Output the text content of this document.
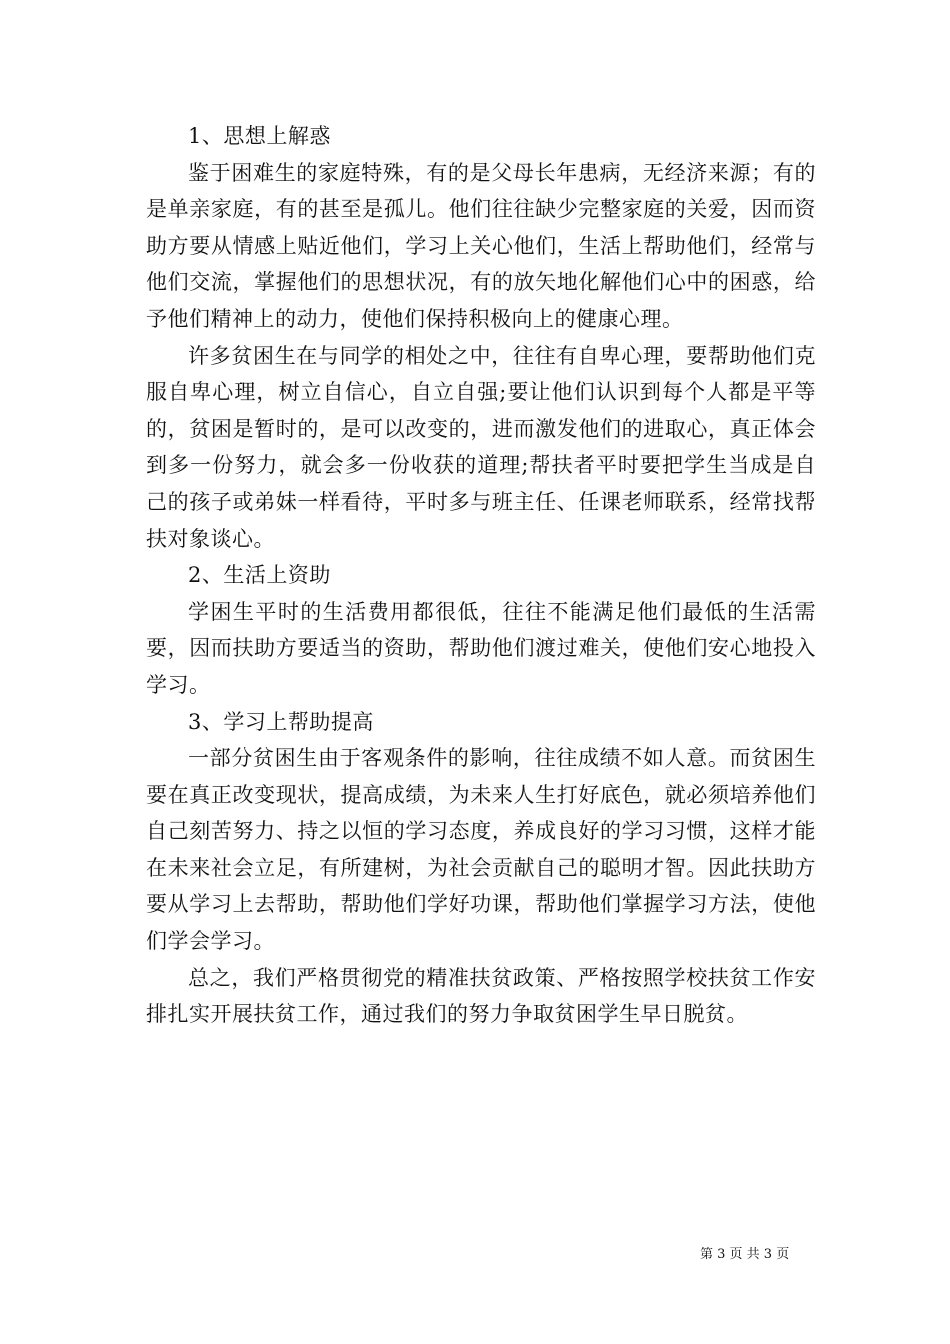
1、思想上解惑

鉴于困难生的家庭特殊，有的是父母长年患病，无经济来源；有的是单亲家庭，有的甚至是孤儿。他们往往缺少完整家庭的关爱，因而资助方要从情感上贴近他们，学习上关心他们，生活上帮助他们，经常与他们交流，掌握他们的思想状况，有的放矢地化解他们心中的困惑，给予他们精神上的动力，使他们保持积极向上的健康心理。

许多贫困生在与同学的相处之中，往往有自卑心理，要帮助他们克服自卑心理，树立自信心，自立自强;要让他们认识到每个人都是平等的，贫困是暂时的，是可以改变的，进而激发他们的进取心，真正体会到多一份努力，就会多一份收获的道理;帮扶者平时要把学生当成是自己的孩子或弟妹一样看待，平时多与班主任、任课老师联系，经常找帮扶对象谈心。

2、生活上资助

学困生平时的生活费用都很低，往往不能满足他们最低的生活需要，因而扶助方要适当的资助，帮助他们渡过难关，使他们安心地投入学习。

3、学习上帮助提高

一部分贫困生由于客观条件的影响，往往成绩不如人意。而贫困生要在真正改变现状，提高成绩，为未来人生打好底色，就必须培养他们自己刻苦努力、持之以恒的学习态度，养成良好的学习习惯，这样才能在未来社会立足，有所建树，为社会贡献自己的聪明才智。因此扶助方要从学习上去帮助，帮助他们学好功课，帮助他们掌握学习方法，使他们学会学习。

总之，我们严格贯彻党的精准扶贫政策、严格按照学校扶贫工作安排扎实开展扶贫工作，通过我们的努力争取贫困学生早日脱贫。

第 3 页 共 3 页
